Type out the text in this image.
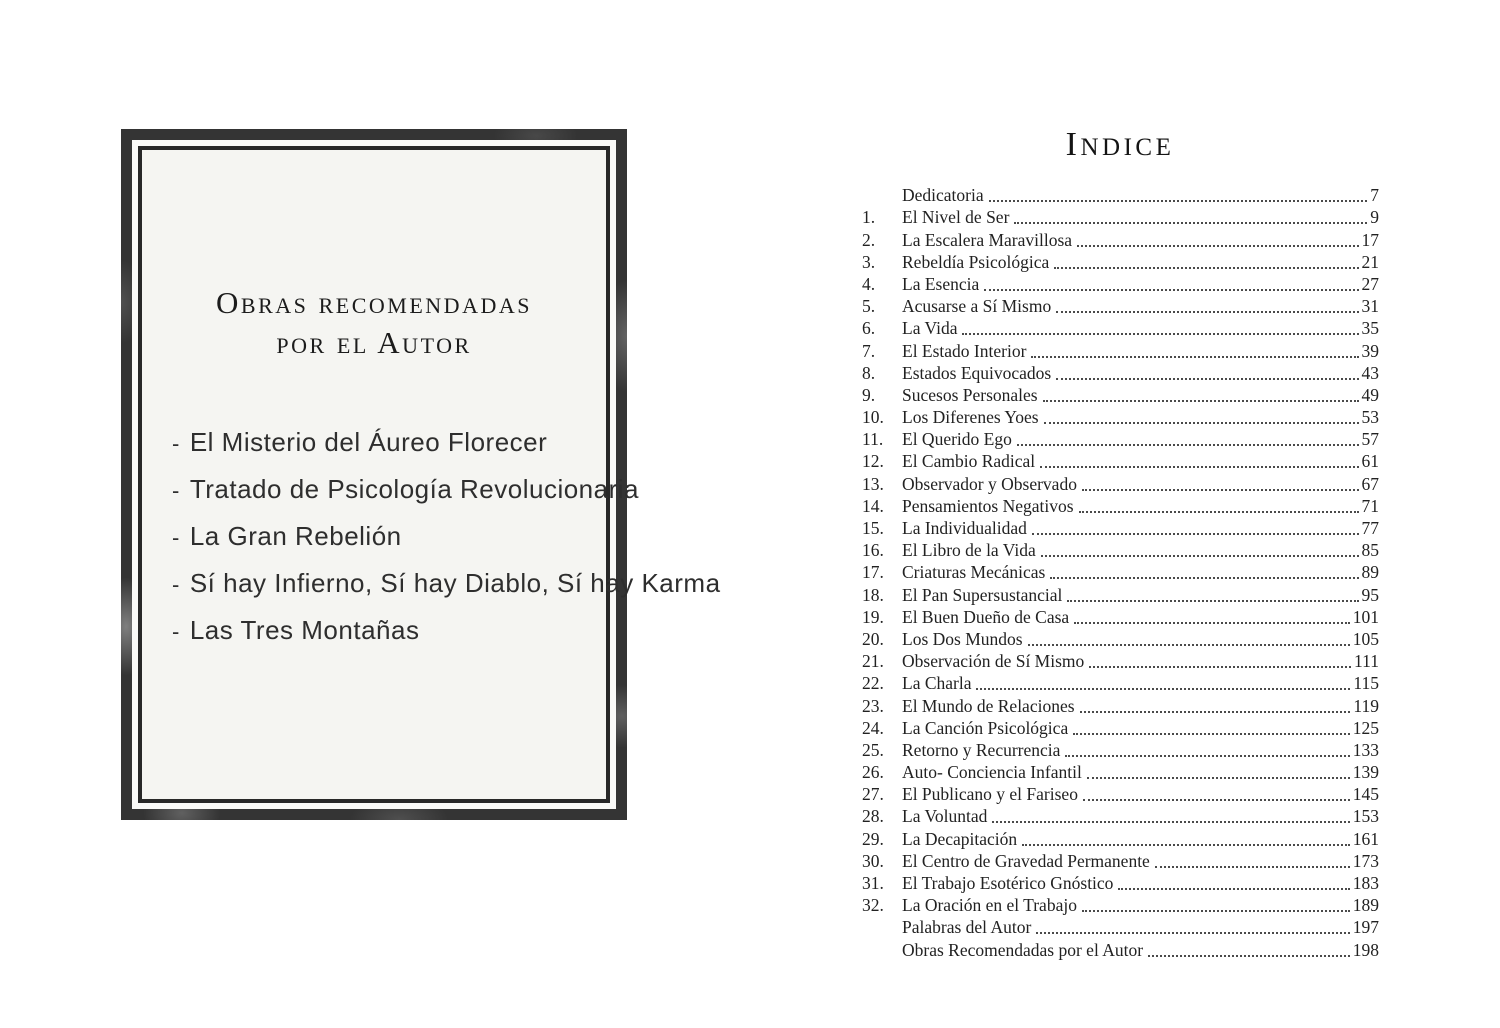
Obras recomendadas
por el Autor
- El Misterio del Áureo Florecer
- Tratado de Psicología Revolucionaria
- La Gran Rebelión
- Sí hay Infierno, Sí hay Diablo, Sí hay Karma
- Las Tres Montañas
INDICE
Dedicatoria	7
1.	El Nivel de Ser	9
2.	La Escalera Maravillosa	17
3.	Rebeldía Psicológica	21
4.	La Esencia	27
5.	Acusarse a Sí Mismo	31
6.	La Vida	35
7.	El Estado Interior	39
8.	Estados Equivocados	43
9.	Sucesos Personales	49
10.	Los Diferenes Yoes	53
11.	El Querido Ego	57
12.	El Cambio Radical	61
13.	Observador y Observado	67
14.	Pensamientos Negativos	71
15.	La Individualidad	77
16.	El Libro de la Vida	85
17.	Criaturas Mecánicas	89
18.	El Pan Supersustancial	95
19.	El Buen Dueño de Casa	101
20.	Los Dos Mundos	105
21.	Observación de Sí Mismo	111
22.	La Charla	115
23.	El Mundo de Relaciones	119
24.	La Canción Psicológica	125
25.	Retorno y Recurrencia	133
26.	Auto- Conciencia Infantil	139
27.	El Publicano y el Fariseo	145
28.	La Voluntad	153
29.	La Decapitación	161
30.	El Centro de Gravedad Permanente	173
31.	El Trabajo Esotérico Gnóstico	183
32.	La Oración en el Trabajo	189
Palabras del Autor	197
Obras Recomendadas por el Autor	198
